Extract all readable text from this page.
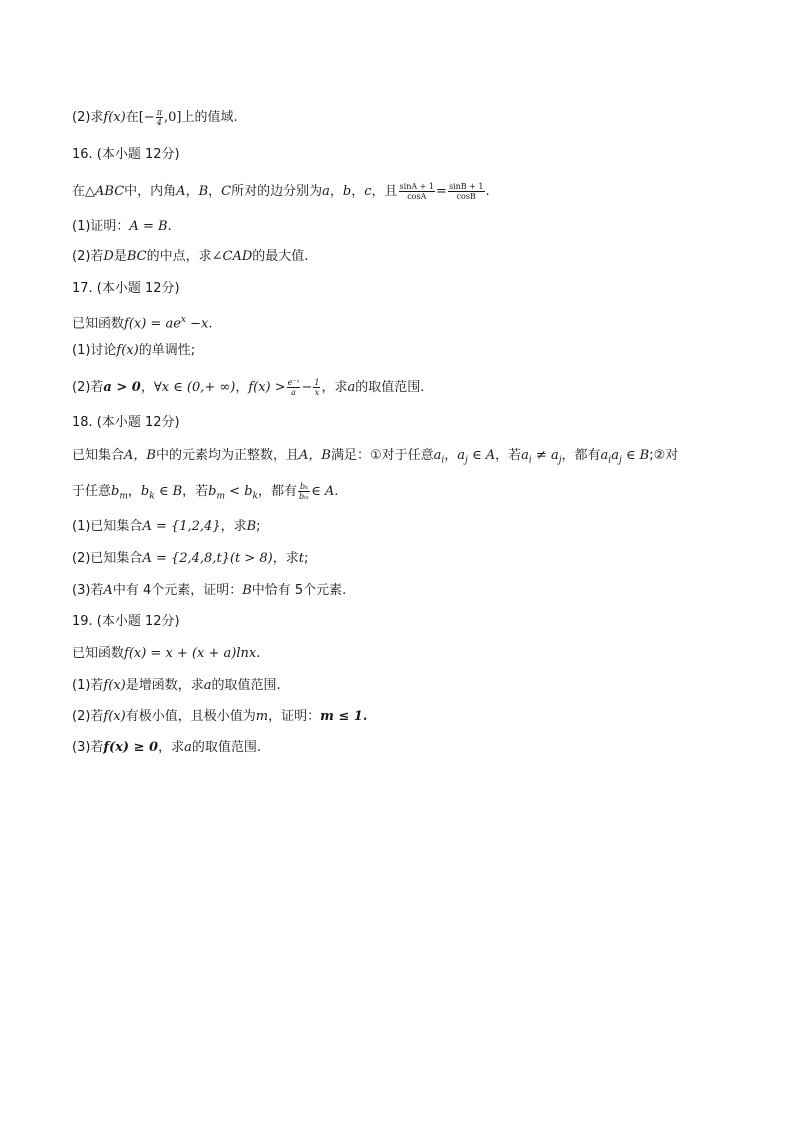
(2)求f(x)在[− $\frac{\pi}{4} ,0$]上的值域.
16. (本小题 12分)
在△ABC中，内角A，B，C所对的边分别为a，b，c，且 $\frac{\sin A + 1}{\cos A} = \frac{\sin B + 1}{\cos B}$ .
(1)证明：A = B.
(2)若D是BC的中点，求∠CAD的最大值.
17. (本小题 12分)
已知函数$f(x) = ae^x -x$.
(1)讨论f(x)的单调性;
(2)若a > 0，∀x ∈ (0,+ ∞)，$f(x) > \frac{\text{e⁻ˣ}}{a} - \frac{1}{x}$ ，求a的取值范围.
18. (本小题 12分)
已知集合A，B中的元素均为正整数，且A，B满足：①对于任意$a_i$，$a_j$ ∈ A，若$a_i \ne a_j$，都有$a_ia_j$ ∈ B;②对
于任意$b_m$，$b_k$ ∈ B，若$b_m < b_k$，都有 $\frac{\text{bₖ}}{\text{bₘ}}$ ∈ A.
(1)已知集合A = {1,2,4}，求B;
(2)已知集合A = {2,4,8,t}(t > 8)，求t;
(3)若A中有 4个元素，证明：B中恰有 5个元素.
19. (本小题 12分)
已知函数f(x) = x + (x + a)lnx.
(1)若f(x)是增函数，求a的取值范围.
(2)若f(x)有极小值，且极小值为m，证明：m ≤ 1.
(3)若f(x) ≥ 0，求a的取值范围.
